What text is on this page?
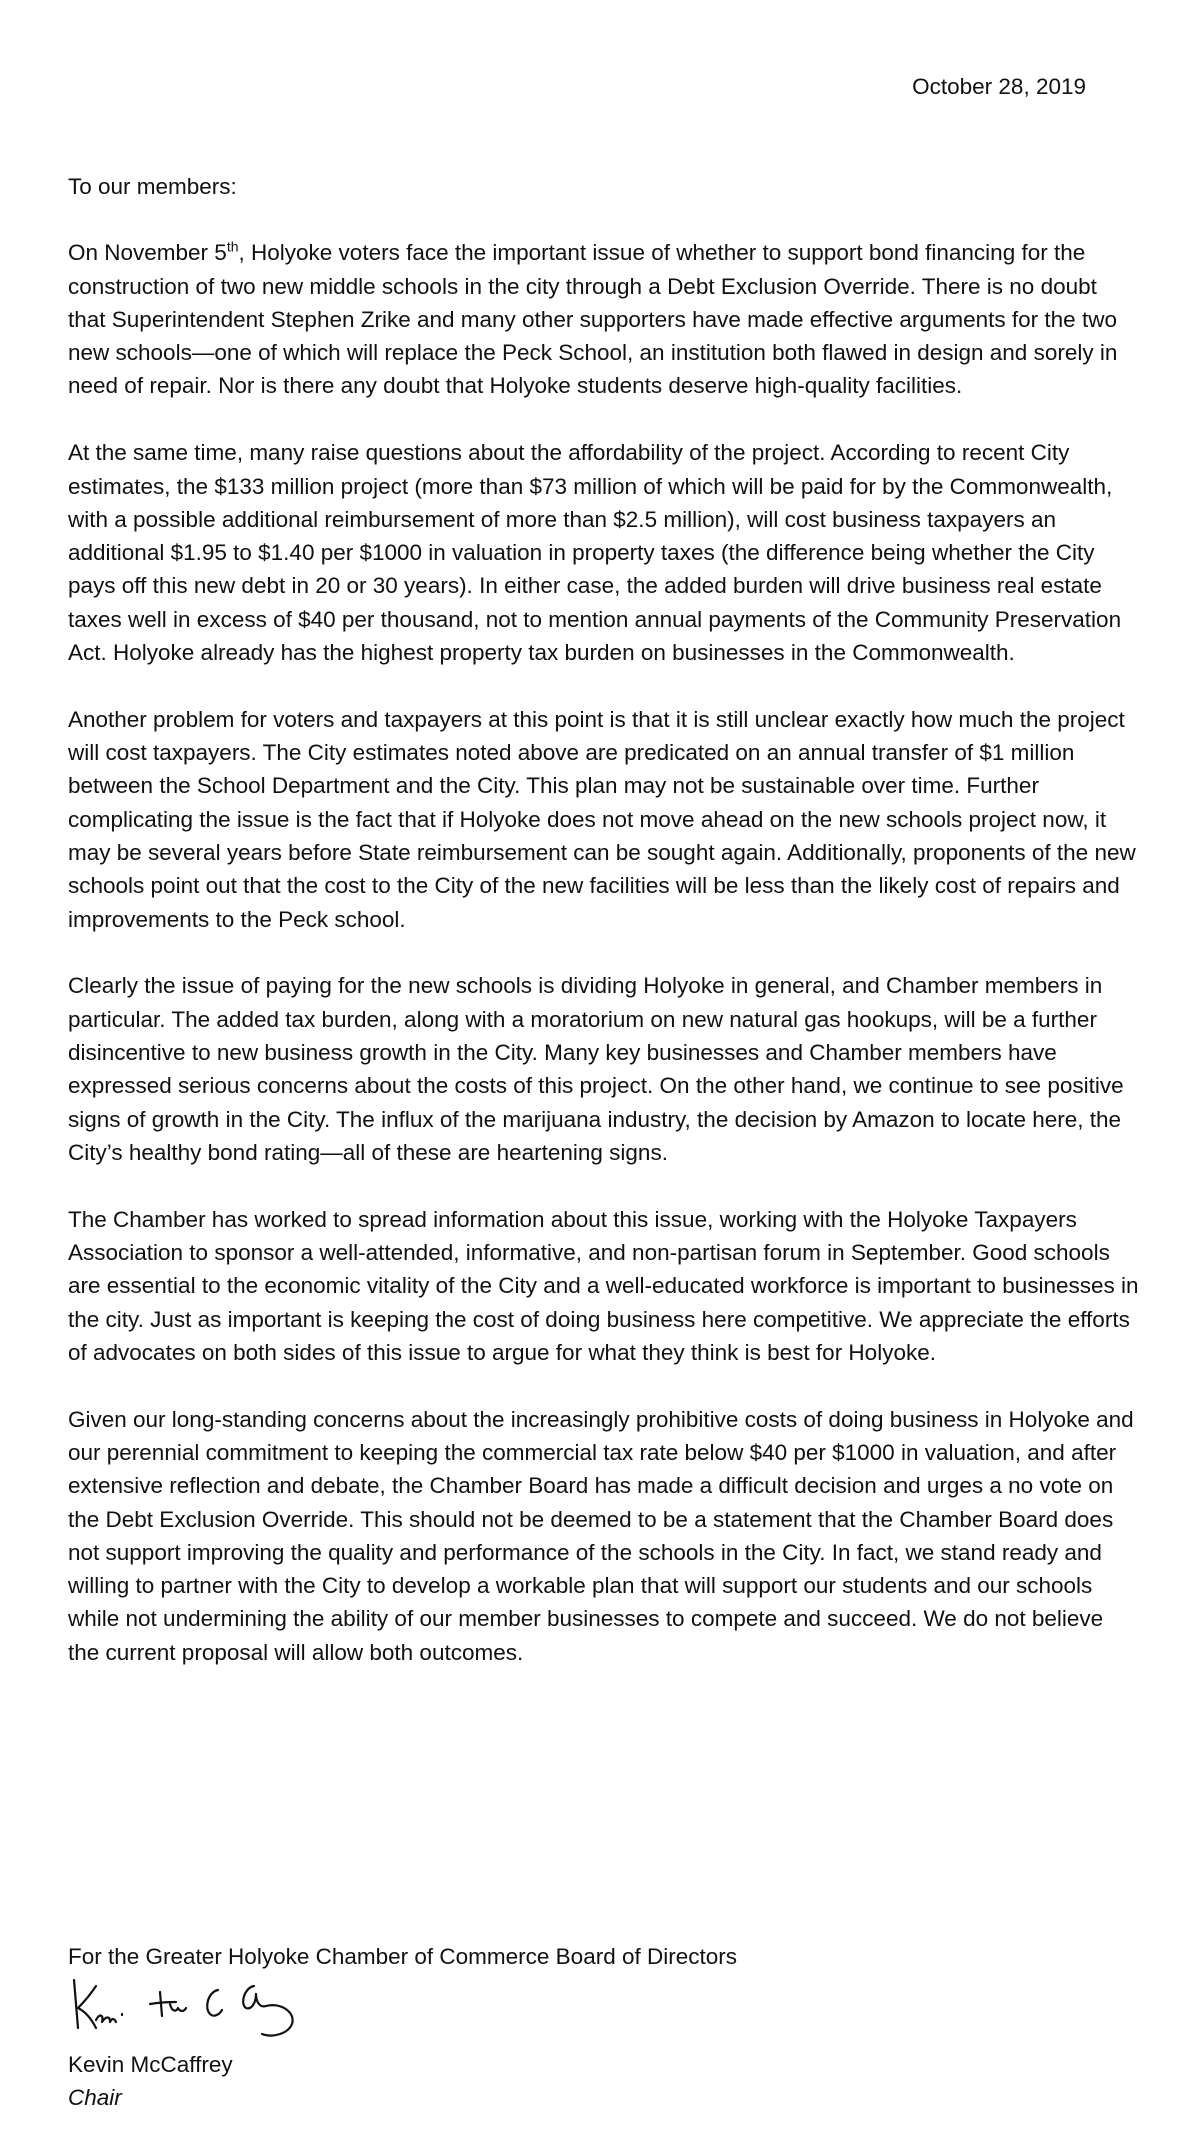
October 28, 2019

To our members:

On November 5th, Holyoke voters face the important issue of whether to support bond financing for the construction of two new middle schools in the city through a Debt Exclusion Override. There is no doubt that Superintendent Stephen Zrike and many other supporters have made effective arguments for the two new schools—one of which will replace the Peck School, an institution both flawed in design and sorely in need of repair. Nor is there any doubt that Holyoke students deserve high-quality facilities.

At the same time, many raise questions about the affordability of the project. According to recent City estimates, the $133 million project (more than $73 million of which will be paid for by the Commonwealth, with a possible additional reimbursement of more than $2.5 million), will cost business taxpayers an additional $1.95 to $1.40 per $1000 in valuation in property taxes (the difference being whether the City pays off this new debt in 20 or 30 years). In either case, the added burden will drive business real estate taxes well in excess of $40 per thousand, not to mention annual payments of the Community Preservation Act. Holyoke already has the highest property tax burden on businesses in the Commonwealth.

Another problem for voters and taxpayers at this point is that it is still unclear exactly how much the project will cost taxpayers. The City estimates noted above are predicated on an annual transfer of $1 million between the School Department and the City. This plan may not be sustainable over time. Further complicating the issue is the fact that if Holyoke does not move ahead on the new schools project now, it may be several years before State reimbursement can be sought again. Additionally, proponents of the new schools point out that the cost to the City of the new facilities will be less than the likely cost of repairs and improvements to the Peck school.

Clearly the issue of paying for the new schools is dividing Holyoke in general, and Chamber members in particular. The added tax burden, along with a moratorium on new natural gas hookups, will be a further disincentive to new business growth in the City. Many key businesses and Chamber members have expressed serious concerns about the costs of this project. On the other hand, we continue to see positive signs of growth in the City. The influx of the marijuana industry, the decision by Amazon to locate here, the City’s healthy bond rating—all of these are heartening signs.

The Chamber has worked to spread information about this issue, working with the Holyoke Taxpayers Association to sponsor a well-attended, informative, and non-partisan forum in September. Good schools are essential to the economic vitality of the City and a well-educated workforce is important to businesses in the city. Just as important is keeping the cost of doing business here competitive. We appreciate the efforts of advocates on both sides of this issue to argue for what they think is best for Holyoke.

Given our long-standing concerns about the increasingly prohibitive costs of doing business in Holyoke and our perennial commitment to keeping the commercial tax rate below $40 per $1000 in valuation, and after extensive reflection and debate, the Chamber Board has made a difficult decision and urges a no vote on the Debt Exclusion Override. This should not be deemed to be a statement that the Chamber Board does not support improving the quality and performance of the schools in the City. In fact, we stand ready and willing to partner with the City to develop a workable plan that will support our students and our schools while not undermining the ability of our member businesses to compete and succeed. We do not believe the current proposal will allow both outcomes.

For the Greater Holyoke Chamber of Commerce Board of Directors
Kevin McCaffrey
Chair
